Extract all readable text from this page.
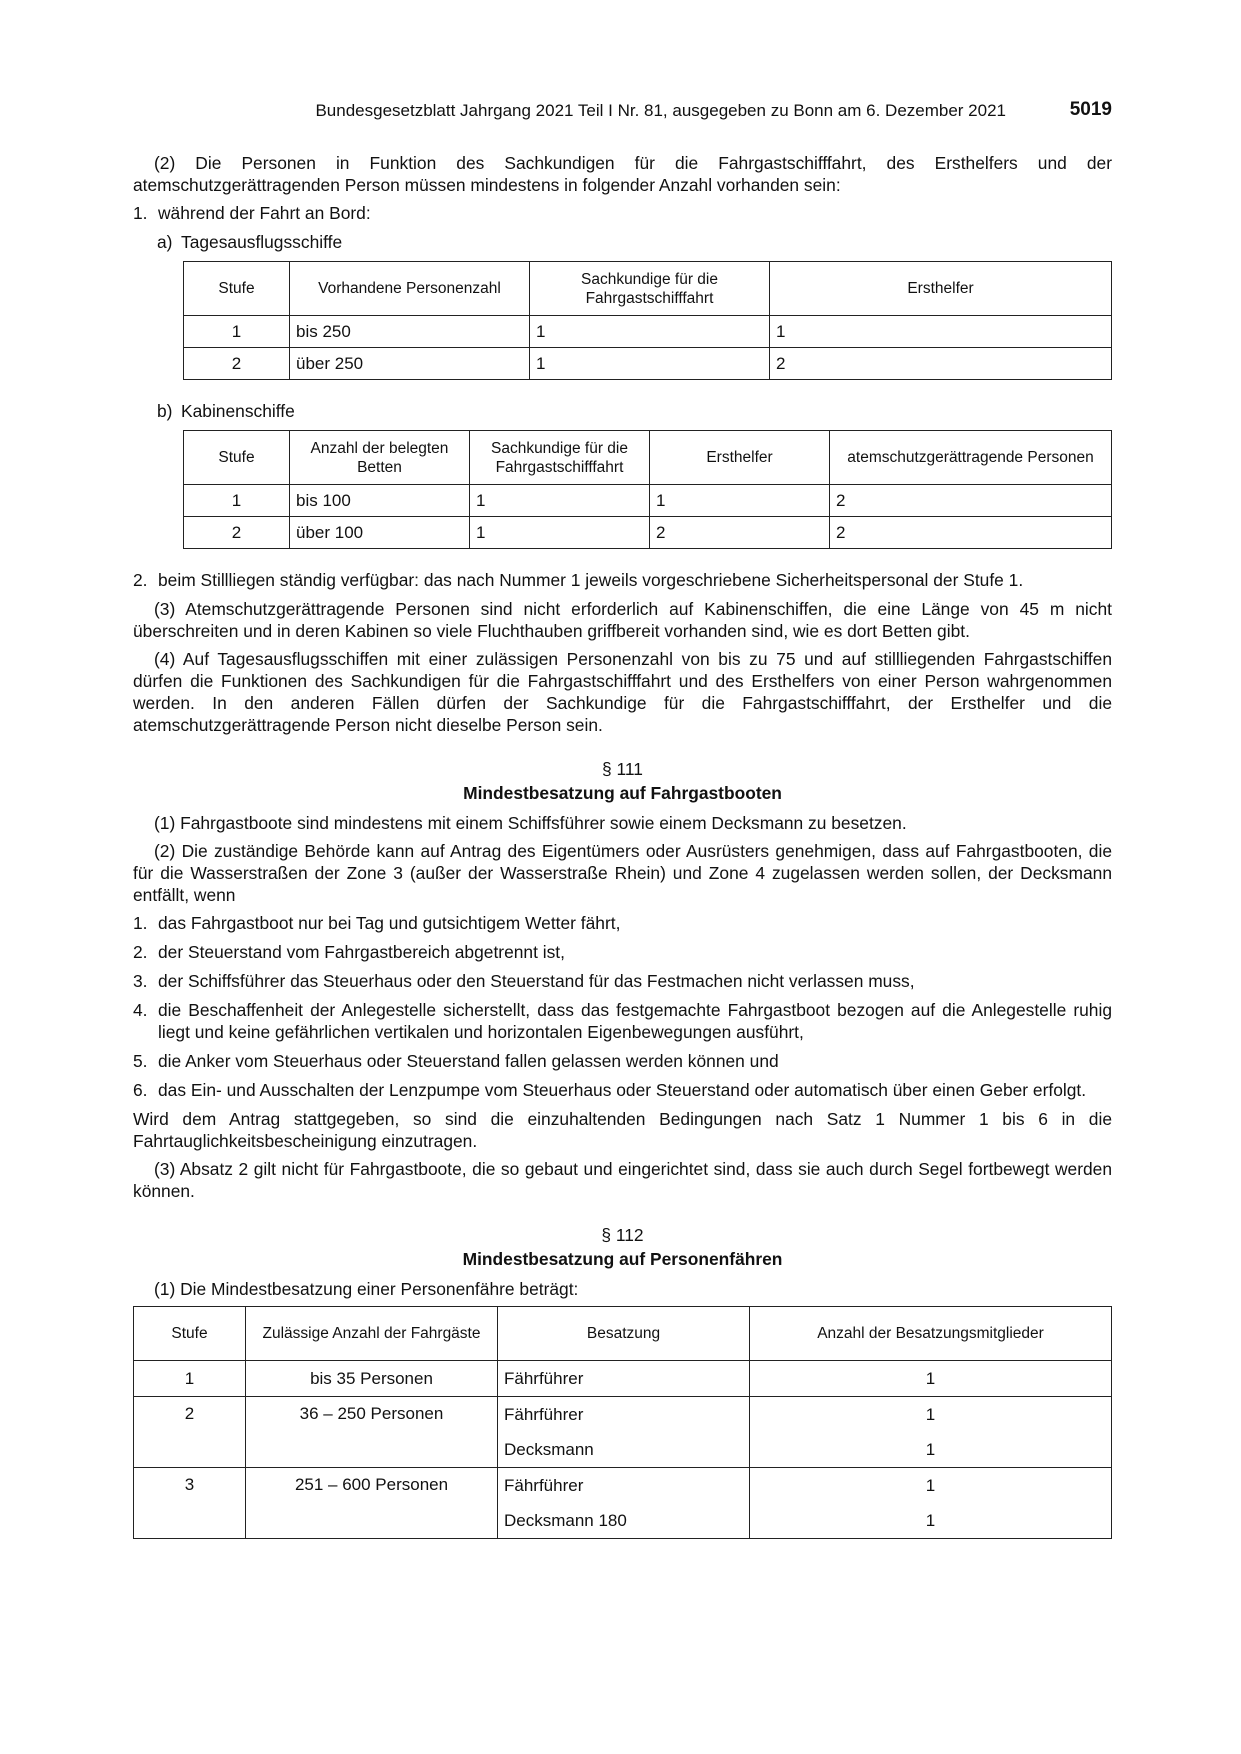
Bundesgesetzblatt Jahrgang 2021 Teil I Nr. 81, ausgegeben zu Bonn am 6. Dezember 2021	5019

(2) Die Personen in Funktion des Sachkundigen für die Fahrgastschifffahrt, des Ersthelfers und der atemschutzgerättragenden Person müssen mindestens in folgender Anzahl vorhanden sein:

1. während der Fahrt an Bord:
a) Tagesausflugsschiffe
Stufe	Vorhandene Personenzahl	Sachkundige für die Fahrgastschifffahrt	Ersthelfer
1	bis 250	1	1
2	über 250	1	2
b) Kabinenschiffe
Stufe	Anzahl der belegten Betten	Sachkundige für die Fahrgastschifffahrt	Ersthelfer	atemschutzgerättragende Personen
1	bis 100	1	1	2
2	über 100	1	2	2
2. beim Stillliegen ständig verfügbar: das nach Nummer 1 jeweils vorgeschriebene Sicherheitspersonal der Stufe 1.

(3) Atemschutzgerättragende Personen sind nicht erforderlich auf Kabinenschiffen, die eine Länge von 45 m nicht überschreiten und in deren Kabinen so viele Fluchthauben griffbereit vorhanden sind, wie es dort Betten gibt.

(4) Auf Tagesausflugsschiffen mit einer zulässigen Personenzahl von bis zu 75 und auf stillliegenden Fahrgastschiffen dürfen die Funktionen des Sachkundigen für die Fahrgastschifffahrt und des Ersthelfers von einer Person wahrgenommen werden. In den anderen Fällen dürfen der Sachkundige für die Fahrgastschifffahrt, der Ersthelfer und die atemschutzgerättragende Person nicht dieselbe Person sein.

§ 111
Mindestbesatzung auf Fahrgastbooten

(1) Fahrgastboote sind mindestens mit einem Schiffsführer sowie einem Decksmann zu besetzen.

(2) Die zuständige Behörde kann auf Antrag des Eigentümers oder Ausrüsters genehmigen, dass auf Fahrgastbooten, die für die Wasserstraßen der Zone 3 (außer der Wasserstraße Rhein) und Zone 4 zugelassen werden sollen, der Decksmann entfällt, wenn

1. das Fahrgastboot nur bei Tag und gutsichtigem Wetter fährt,
2. der Steuerstand vom Fahrgastbereich abgetrennt ist,
3. der Schiffsführer das Steuerhaus oder den Steuerstand für das Festmachen nicht verlassen muss,
4. die Beschaffenheit der Anlegestelle sicherstellt, dass das festgemachte Fahrgastboot bezogen auf die Anlegestelle ruhig liegt und keine gefährlichen vertikalen und horizontalen Eigenbewegungen ausführt,
5. die Anker vom Steuerhaus oder Steuerstand fallen gelassen werden können und
6. das Ein- und Ausschalten der Lenzpumpe vom Steuerhaus oder Steuerstand oder automatisch über einen Geber erfolgt.

Wird dem Antrag stattgegeben, so sind die einzuhaltenden Bedingungen nach Satz 1 Nummer 1 bis 6 in die Fahrtauglichkeitsbescheinigung einzutragen.

(3) Absatz 2 gilt nicht für Fahrgastboote, die so gebaut und eingerichtet sind, dass sie auch durch Segel fortbewegt werden können.

§ 112
Mindestbesatzung auf Personenfähren

(1) Die Mindestbesatzung einer Personenfähre beträgt:

Stufe	Zulässige Anzahl der Fahrgäste	Besatzung	Anzahl der Besatzungsmitglieder
1	bis 35 Personen	Fährführer	1
2	36 – 250 Personen	Fährführer	1
		Decksmann	1
3	251 – 600 Personen	Fährführer	1
		Decksmann 180	1
